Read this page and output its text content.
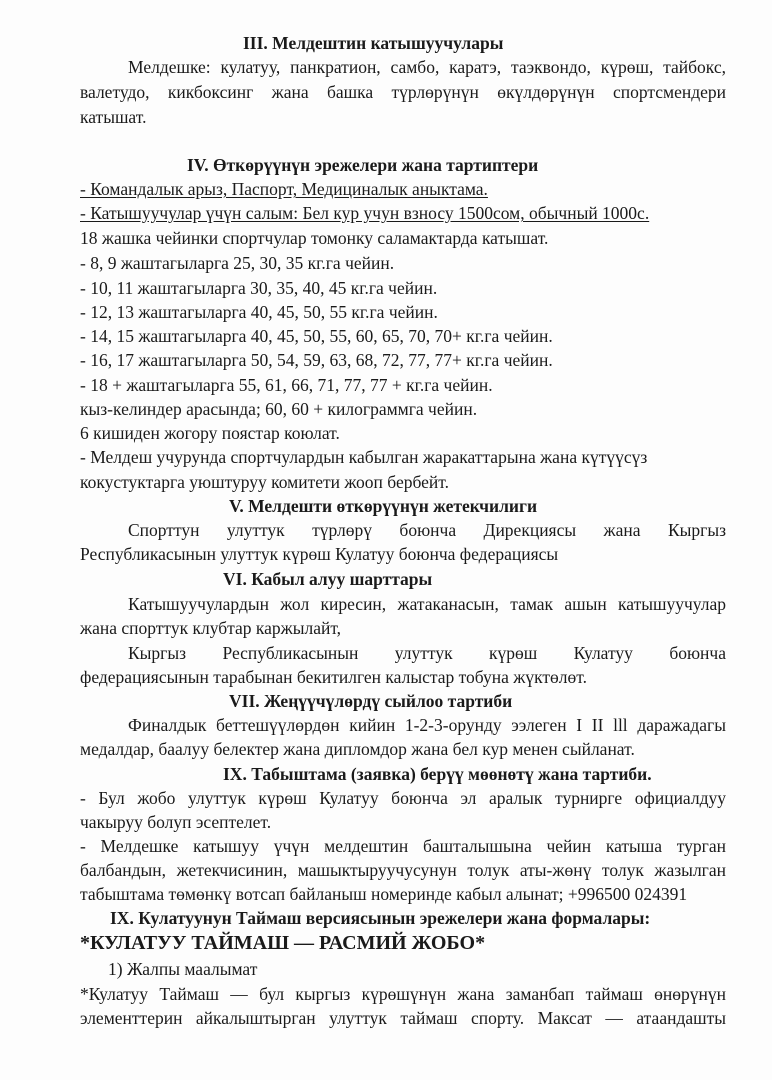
III. Мелдештин катышуучулары
Мелдешке: кулатуу, панкратион, самбо, каратэ, таэквондо, күрөш, тайбокс,
валетудо, кикбоксинг жана башка түрлөрүнүн өкүлдөрүнүн спортсмендери
катышат.
IV. Өткөрүүнүн эрежелери жана тартиптери
- Командалык арыз, Паспорт, Медициналык аныктама.
- Катышуучулар үчүн салым: Бел кур учун взносу 1500сом, обычный 1000с.
18 жашка чейинки спортчулар томонку саламактарда катышат.
- 8, 9 жаштагыларга 25, 30, 35 кг.га чейин.
- 10, 11 жаштагыларга 30, 35, 40, 45 кг.га чейин.
- 12, 13 жаштагыларга 40, 45, 50, 55 кг.га чейин.
- 14, 15 жаштагыларга 40, 45, 50, 55, 60, 65, 70, 70+ кг.га чейин.
- 16, 17 жаштагыларга 50, 54, 59, 63, 68, 72, 77, 77+ кг.га чейин.
- 18 + жаштагыларга 55, 61, 66, 71, 77, 77 + кг.га чейин.
кыз-келиндер арасында; 60, 60 + килограммга чейин.
6 кишиден жогору поястар коюлат.
- Мелдеш учурунда спортчулардын кабылган жаракаттарына жана күтүүсүз
кокустуктарга уюштуруу комитети жооп бербейт.
V. Мелдешти өткөрүүнүн жетекчилиги
Спорттун улуттук түрлөрү боюнча Дирекциясы жана Кыргыз
Республикасынын улуттук күрөш Кулатуу боюнча федерациясы
VI. Кабыл алуу шарттары
Катышуучулардын жол киресин, жатаканасын, тамак ашын катышуучулар
жана спорттук клубтар каржылайт,
Кыргыз Республикасынын улуттук күрөш Кулатуу боюнча
федерациясынын тарабынан бекитилген калыстар тобуна жүктөлөт.
VII. Жеңүүчүлөрдү сыйлоо тартиби
Финалдык беттешүүлөрдөн кийин 1-2-3-орунду ээлеген I II lll даражадагы
медалдар, баалуу белектер жана дипломдор жана бел кур менен сыйланат.
IX. Табыштама (заявка) берүү мөөнөтү жана тартиби.
- Бул жобо улуттук күрөш Кулатуу боюнча эл аралык турнирге официалдуу
чакыруу болуп эсептелет.
- Мелдешке катышуу үчүн мелдештин башталышына чейин катыша турган
балбандын, жетекчисинин, машыктыруучусунун толук аты-жөнү толук жазылган
табыштама төмөнкү вотсап байланыш номеринде кабыл алынат; +996500 024391
IX. Кулатуунун Таймаш версиясынын эрежелери жана формалары:
*КУЛАТУУ ТАЙМАШ — РАСМИЙ ЖОБО*
1) Жалпы маалымат
*Кулатуу Таймаш — бул кыргыз күрөшүнүн жана заманбап таймаш өнөрүнүн
элементтерин айкалыштырган улуттук таймаш спорту. Максат — атаандашты
